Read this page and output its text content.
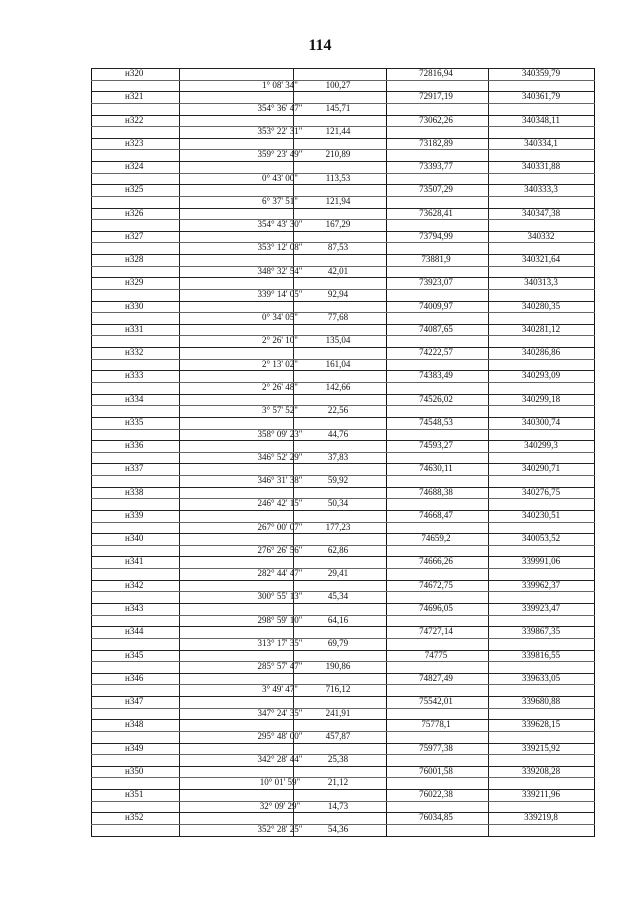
114
н320	72816,94	340359,79
1° 08' 34"	100,27
н321	72917,19	340361,79
354° 36' 47"	145,71
н322	73062,26	340348,11
353° 22' 31"	121,44
н323	73182,89	340334,1
359° 23' 49"	210,89
н324	73393,77	340331,88
0° 43' 00"	113,53
н325	73507,29	340333,3
6° 37' 51"	121,94
н326	73628,41	340347,38
354° 43' 30"	167,29
н327	73794,99	340332
353° 12' 08"	87,53
н328	73881,9	340321,64
348° 32' 54"	42,01
н329	73923,07	340313,3
339° 14' 05"	92,94
н330	74009,97	340280,35
0° 34' 05"	77,68
н331	74087,65	340281,12
2° 26' 10"	135,04
н332	74222,57	340286,86
2° 13' 02"	161,04
н333	74383,49	340293,09
2° 26' 48"	142,66
н334	74526,02	340299,18
3° 57' 52"	22,56
н335	74548,53	340300,74
358° 09' 23"	44,76
н336	74593,27	340299,3
346° 52' 29"	37,83
н337	74630,11	340290,71
346° 31' 38"	59,92
н338	74688,38	340276,75
246° 42' 15"	50,34
н339	74668,47	340230,51
267° 00' 07"	177,23
н340	74659,2	340053,52
276° 26' 56"	62,86
н341	74666,26	339991,06
282° 44' 47"	29,41
н342	74672,75	339962,37
300° 55' 13"	45,34
н343	74696,05	339923,47
298° 59' 10"	64,16
н344	74727,14	339867,35
313° 17' 35"	69,79
н345	74775	339816,55
285° 57' 47"	190,86
н346	74827,49	339633,05
3° 49' 47"	716,12
н347	75542,01	339680,88
347° 24' 35"	241,91
н348	75778,1	339628,15
295° 48' 00"	457,87
н349	75977,38	339215,92
342° 28' 44"	25,38
н350	76001,58	339208,28
10° 01' 59"	21,12
н351	76022,38	339211,96
32° 09' 29"	14,73
н352	76034,85	339219,8
352° 28' 25"	54,36
